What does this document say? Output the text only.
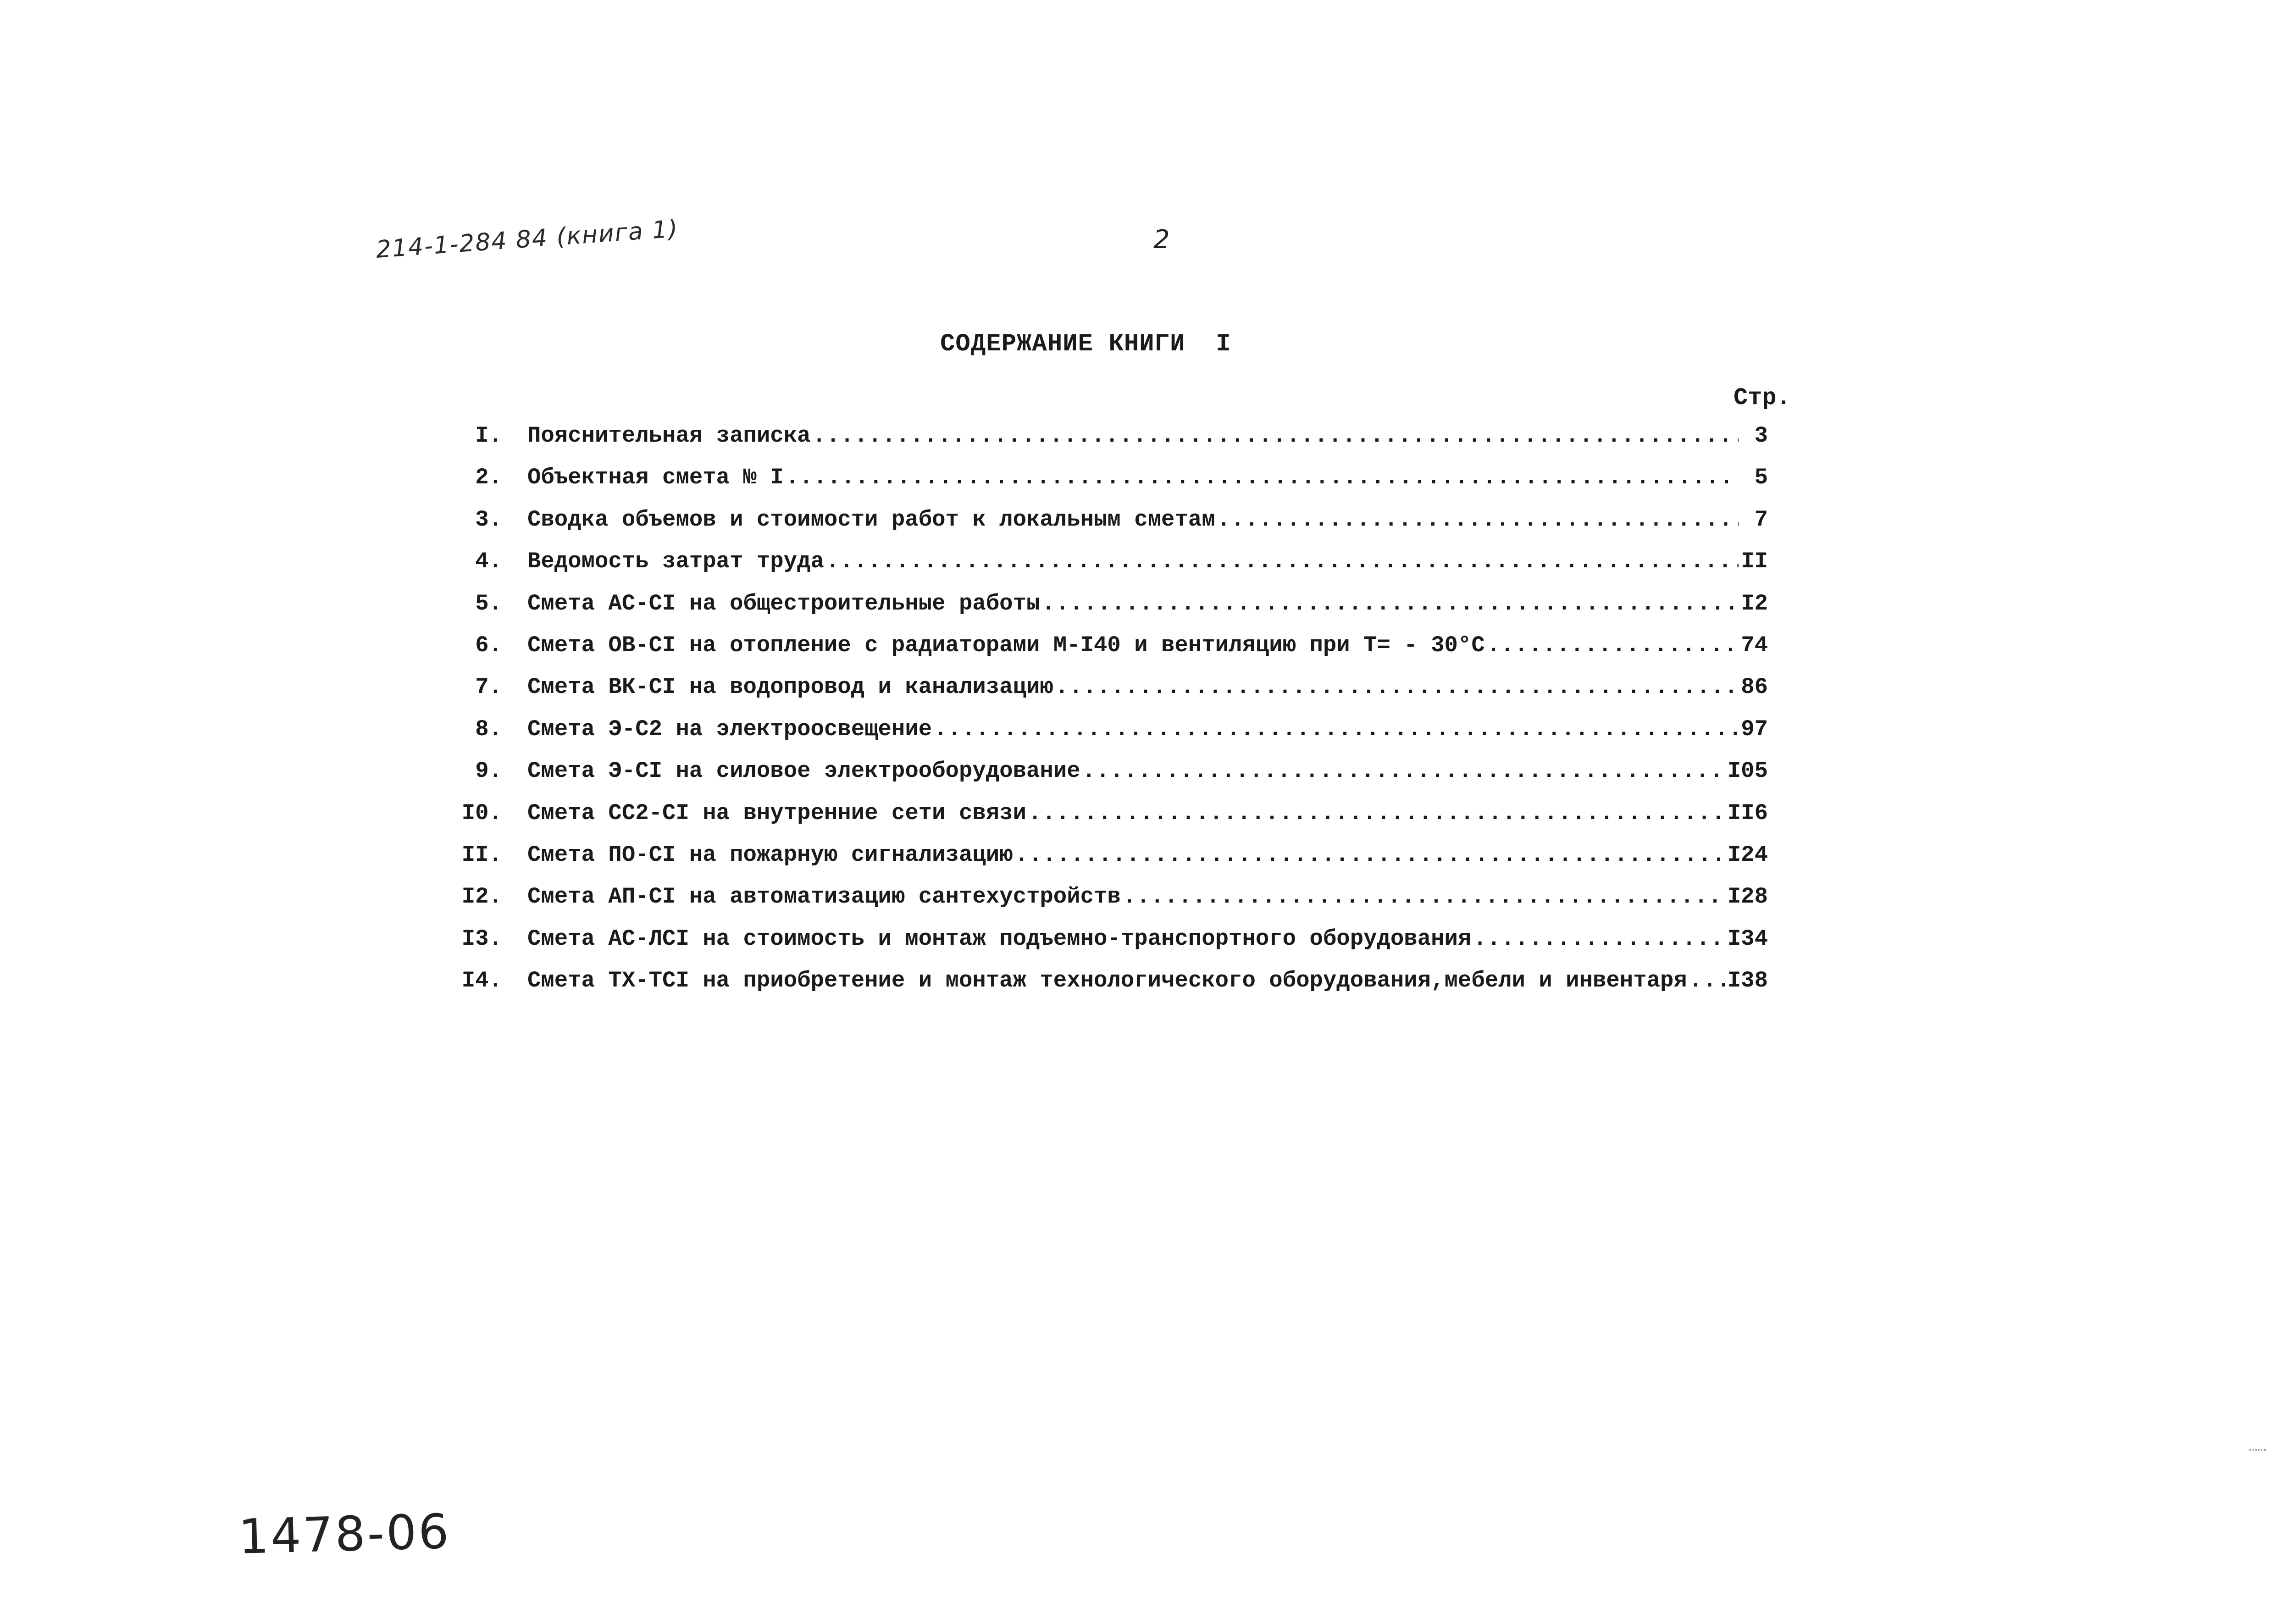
214-1-284 84 (книга 1)	2
СОДЕРЖАНИЕ КНИГИ  I
Стр.
I.	Пояснительная записка .....	3
2.	Объектная смета № I .....	5
3.	Сводка объемов и стоимости работ к локальным сметам .....	7
4.	Ведомость затрат труда .....	II
5.	Смета АС-СI на общестроительные работы .....	I2
6.	Смета ОВ-СI на отопление с радиаторами М-I40 и вентиляцию при Т= - 30°С .....	74
7.	Смета ВК-СI на водопровод и канализацию .....	86
8.	Смета Э-С2 на электроосвещение .....	97
9.	Смета Э-СI на силовое электрооборудование .....	I05
I0.	Смета СС2-СI на внутренние сети связи .....	II6
II.	Смета ПО-СI на пожарную сигнализацию .....	I24
I2.	Смета АП-СI на автоматизацию сантехустройств .....	I28
I3.	Смета АС-ЛСI на стоимость и монтаж подъемно-транспортного оборудования .....	I34
I4.	Смета ТХ-ТСI на приобретение и монтаж технологического оборудования,мебели и инвентаря ..... I38
1478-06
